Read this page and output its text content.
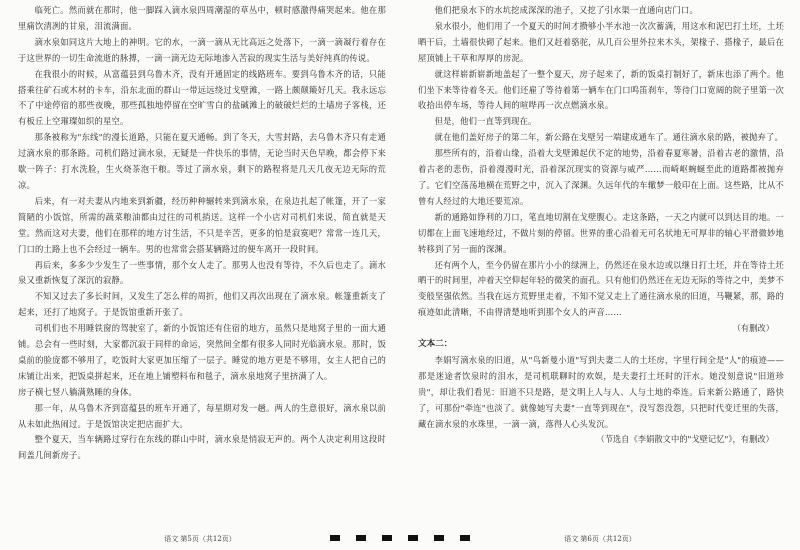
临死亡。然而就在那时，他一脚踩入滴水泉四周潮湿的草丛中，顿时感激得痛哭起来。他在那里痛饮清冽的甘泉，泪流满面。

滴水泉如同这片大地上的神明。它的水，一滴一滴从无比高远之处落下，一滴一滴凝行着存在于这世界的一切生命流逝的脉搏，一滴一滴无边无际地渗入苦寂的现实生活与美好纯真的传说。

在我很小的时候，从富蕴县到乌鲁木齐，没有开通固定的线路班车。要到乌鲁木齐的话，只能搭乘往矿石或木材的卡车，沿东北面的群山一带远远绕过戈壁滩，一路上颇颠簸好几天。我永远忘不了中途停宿的那些夜晚，那些孤独地停留在空旷雪白的盐碱滩上的破破烂烂的土墙房子客栈，还有板丘上空璀璨如织的星空。

那条被称为"东线"的漫长道路，只能在夏天通畅。到了冬天，大雪封路，去乌鲁木齐只有走通过滴水泉的那条路。司机们路过滴水泉，无疑是一件快乐的事情，无论当时天色早晚，都会停下来歇一阵子：打水洗脸，生火烧茶泡干粮。等过了滴水泉，剩下的路程将是几天几夜无边无际的荒凉。

后来，有一对夫妻从内地来到新疆，经历种种辗转来到滴水泉，在泉边扎起了帐篷，开了一家简陋的小饭馆，所需的蔬菜粮油都由过往的司机捎送。这样一个小店对司机们来说，简直就是天堂。然而这对夫妻，他们在那样的地方讨生活，不只是辛苦，更多的怕是寂寞吧？常常一连几天，门口的土路上也不会经过一辆车。男的也常常会搭某辆路过的便车离开一段时间。

再后来，多多少少发生了一些事情，那个女人走了。那男人也没有等待，不久后也走了。滴水泉又重新恢复了深沉的寂静。

不知又过去了多长时间，又发生了怎么样的周折，他们又再次出现在了滴水泉。帐篷重新支了起来，还打了地窝子。于是饭馆重新开张了。

司机们也不用睡铁窗的驾驶室了，新的小饭馆还有住宿的地方，虽然只是地窝子里的一面大通铺。总会有一些时刻，大家都沉寂于同样的命运，突然间全都有很多人同时光临滴水泉。那时，饭桌前的脸庞都不够用了，吃饭时大家更加压缩了一层子。睡觉的地方更是不够用，女主人把自己的床铺让出来，把饭桌拼起来，还在地上铺塑料布和毯子，滴水泉地窝子里挤满了人。

房子横七竖八躺满熟睡的身体。

那一年，从乌鲁木齐到富蕴县的班车开通了，每星期对发一趟。两人的生意很好，滴水泉以前从未如此热闹过。于是饭馆决定把店面扩大。

整个夏天，当车辆路过穿行在东线的群山中时，滴水泉是悄寂无声的。两个人决定利用这段时间盖几间新房子。

语文 第5页（共12页）

他们把泉水下的水坑挖成深深的池子，又挖了引水渠一直通向店门口。

泉水很小，他们用了一个夏天的时间才攒够小半水池一次次蓄满，用这水和泥巴打土坯，土坯晒干后，土墙很快砌了起来。他们又赶着骆驼，从几百公里外拉来木头，架椽子、搭椽子，最后在屋顶铺上干草和厚厚的房泥。

就这样崭新崭新地盖起了一整个夏天，房子起来了，新的饭桌打制好了，新床也添了两个。他们坐下来等待着冬天。他们还雇了等待着第一辆车在门口鸣笛刹车，等待门口宽阔的院子里第一次收拾出停车场，等待人间的喧哗再一次点燃滴水泉。

但是，他们一直等到现在。

就在他们盖好房子的第二年，新公路在戈壁另一端建成通车了。通往滴水泉的路，被抛弃了。

那些所有的，沿着山缘，沿着大戈壁滩起伏不定的地势，沿着春夏寒暑，沿着古老的激情，沿着古老的悲伤，沿着漫漫时光，沿着深沉现实的资源与威严……而崎岖蜿蜒至此的道路都被抛弃了。它们空荡荡地横在荒野之中，沉入了深渊。久远年代的车辙梦一般印在上面。这些路，比从不曾有人经过的大地还要荒凉。

新的通路如铮利的刀口，笔直地切割在戈壁腹心。走这条路，一天之内就可以到达目的地。一切都在上面飞速地经过，不做片刻的停留。世界的重心沿着无可名状地无可厚非的轴心平滑微妙地转移到了另一面的深渊。

还有两个人，至今仍留在那片小小的绿洲上，仍然还在泉水边或以继日打土坯，并在等待土坯晒干的时间里，冲着天空仰起年轻的微笑的面孔。只有他们仍然还在无边无际的等待之中，美梦不变般坚强依然。当我在远方荒野里走着，不知不觉又走上了通往滴水泉的旧道，马鞭紧，那，路的痕迹如此清晰，不由得清楚地听到那个女人的声音……

（有删改）

文本二：

李娟写滴水泉的旧道，从"鸟新曼小道"写到夫妻二人的土坯房，字里行间全是"人"的痕迹——那是迷途者饮泉时的泪水，是司机联聊时的欢娱，是夫妻打土坯时的汗水。她没刻意说"旧道珍贵"，却让我们看见：旧道不只是路，是文明上人与人、人与土地的牵连。后来新公路通了，路快了，可那份"牵连"也淡了。就像她写夫妻"一直等到现在"，没写怨没怨，只把时代变迁里的失落，藏在滴水泉的水珠里，一滴一滴，落得人心头发沉。

（节选自《李娟散文中的"戈壁记忆"》，有删改）

语文 第6页（共12页）
